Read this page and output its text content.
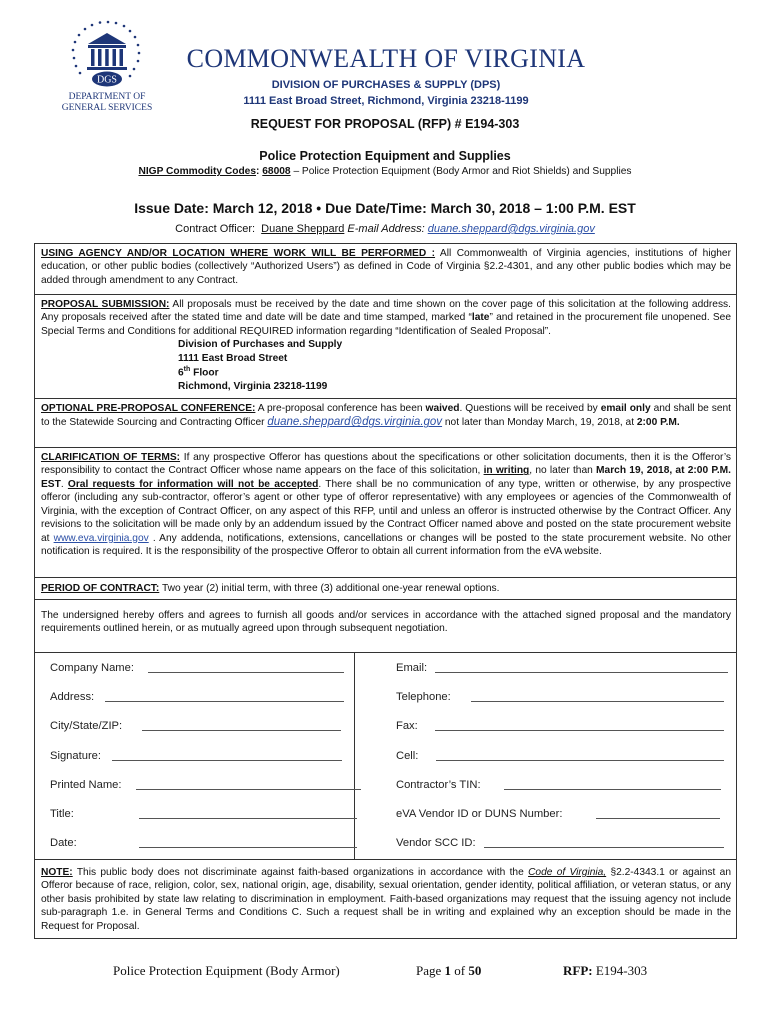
DGS
DEPARTMENT OF
GENERAL SERVICES
COMMONWEALTH OF VIRGINIA
DIVISION OF PURCHASES & SUPPLY (DPS)
1111 East Broad Street, Richmond, Virginia 23218-1199
REQUEST FOR PROPOSAL (RFP) # E194-303
Police Protection Equipment and Supplies
NIGP Commodity Codes: 68008 – Police Protection Equipment (Body Armor and Riot Shields) and Supplies
Issue Date: March 12, 2018 • Due Date/Time: March 30, 2018 – 1:00 P.M. EST
Contract Officer: Duane Sheppard E-mail Address: duane.sheppard@dgs.virginia.gov
USING AGENCY AND/OR LOCATION WHERE WORK WILL BE PERFORMED : All Commonwealth of Virginia agencies, institutions of higher education, or other public bodies (collectively “Authorized Users”) as defined in Code of Virginia §2.2-4301, and any other public bodies which may be added through amendment to any Contract.
PROPOSAL SUBMISSION: All proposals must be received by the date and time shown on the cover page of this solicitation at the following address. Any proposals received after the stated time and date will be date and time stamped, marked “late” and retained in the procurement file unopened. See Special Terms and Conditions for additional REQUIRED information regarding “Identification of Sealed Proposal”.
Division of Purchases and Supply
1111 East Broad Street
6th Floor
Richmond, Virginia 23218-1199
OPTIONAL PRE-PROPOSAL CONFERENCE: A pre-proposal conference has been waived. Questions will be received by email only and shall be sent to the Statewide Sourcing and Contracting Officer duane.sheppard@dgs.virginia.gov not later than Monday March, 19, 2018, at 2:00 P.M.
CLARIFICATION OF TERMS: If any prospective Offeror has questions about the specifications or other solicitation documents, then it is the Offeror’s responsibility to contact the Contract Officer whose name appears on the face of this solicitation, in writing, no later than March 19, 2018, at 2:00 P.M. EST. Oral requests for information will not be accepted. There shall be no communication of any type, written or otherwise, by any prospective offeror (including any sub-contractor, offeror’s agent or other type of offeror representative) with any employees or agencies of the Commonwealth of Virginia, with the exception of Contract Officer, on any aspect of this RFP, until and unless an offeror is instructed otherwise by the Contract Officer. Any revisions to the solicitation will be made only by an addendum issued by the Contract Officer named above and posted on the state procurement website at www.eva.virginia.gov . Any addenda, notifications, extensions, cancellations or changes will be posted to the state procurement website. No other notification is required. It is the responsibility of the prospective Offeror to obtain all current information from the eVA website.
PERIOD OF CONTRACT: Two year (2) initial term, with three (3) additional one-year renewal options.
The undersigned hereby offers and agrees to furnish all goods and/or services in accordance with the attached signed proposal and the mandatory requirements outlined herein, or as mutually agreed upon through subsequent negotiation.
Company Name:	Email:
Address:	Telephone:
City/State/ZIP:	Fax:
Signature:	Cell:
Printed Name:	Contractor’s TIN:
Title:	eVA Vendor ID or DUNS Number:
Date:	Vendor SCC ID:
NOTE: This public body does not discriminate against faith-based organizations in accordance with the Code of Virginia, §2.2-4343.1 or against an Offeror because of race, religion, color, sex, national origin, age, disability, sexual orientation, gender identity, political affiliation, or veteran status, or any other basis prohibited by state law relating to discrimination in employment. Faith-based organizations may request that the issuing agency not include sub-paragraph 1.e. in General Terms and Conditions C. Such a request shall be in writing and explained why an exception should be made in the Request for Proposal.
Police Protection Equipment (Body Armor)	Page 1 of 50	RFP: E194-303
